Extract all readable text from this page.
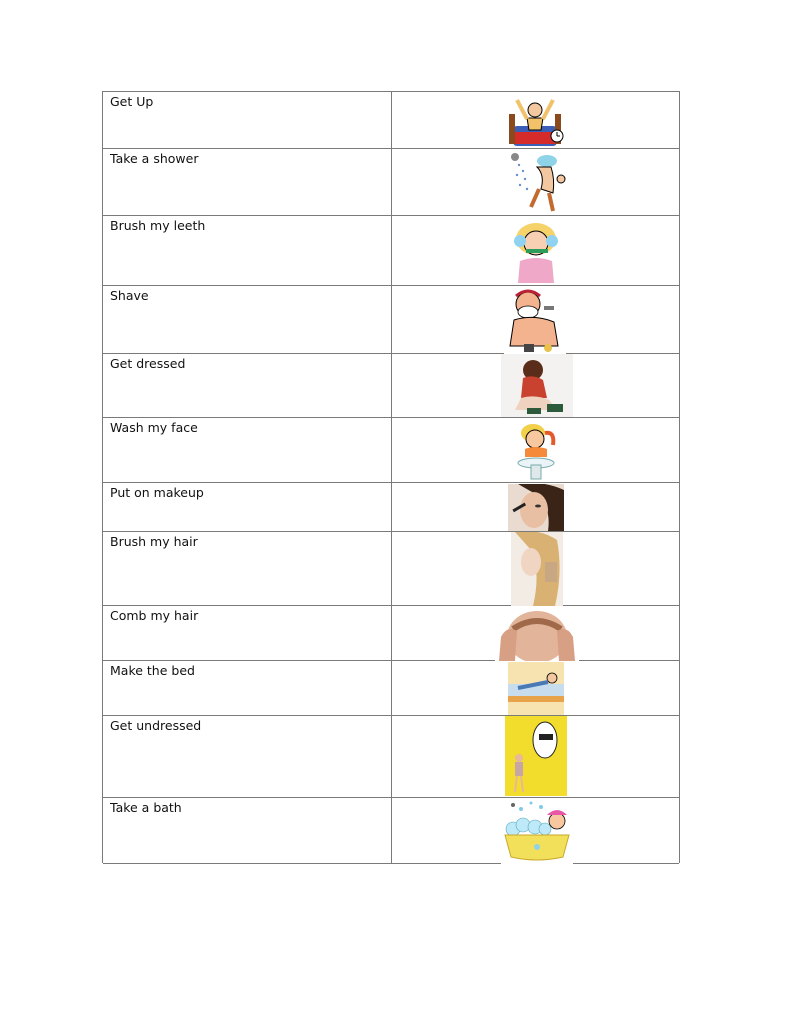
Get Up
Take a shower
Brush my leeth
Shave
Get dressed
Wash my face
Put on makeup
Brush my hair
Comb my hair
Make the bed
Get undressed
Take a bath
